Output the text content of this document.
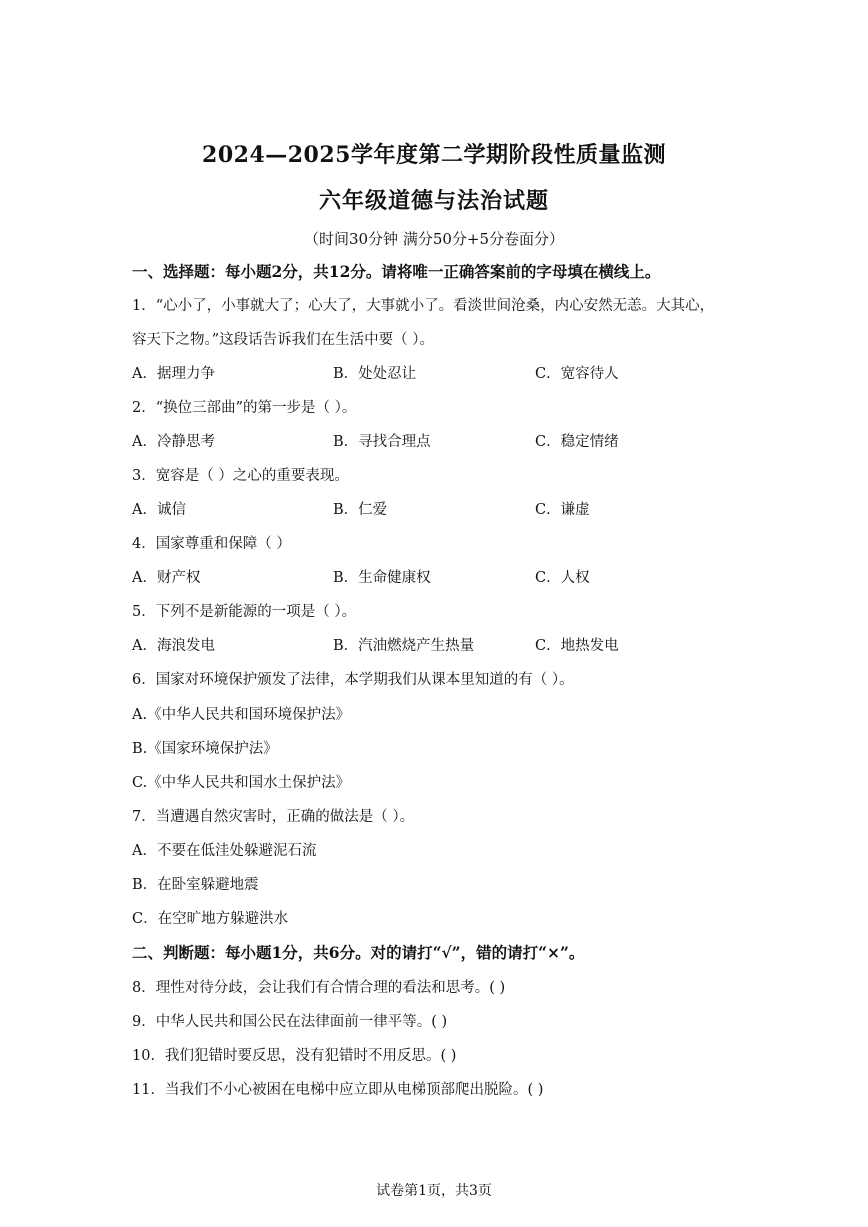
2024—2025学年度第二学期阶段性质量监测
六年级道德与法治试题
（时间30分钟 满分50分+5分卷面分）
一、选择题：每小题2分，共12分。请将唯一正确答案前的字母填在横线上。
1．“心小了，小事就大了；心大了，大事就小了。看淡世间沧桑，内心安然无恙。大其心，
容天下之物。”这段话告诉我们在生活中要（ ）。
A．据理力争	B．处处忍让	C．宽容待人
2．“换位三部曲”的第一步是（ ）。
A．冷静思考	B．寻找合理点	C．稳定情绪
3．宽容是（ ）之心的重要表现。
A．诚信	B．仁爱	C．谦虚
4．国家尊重和保障（ ）
A．财产权	B．生命健康权	C．人权
5．下列不是新能源的一项是（ ）。
A．海浪发电	B．汽油燃烧产生热量	C．地热发电
6．国家对环境保护颁发了法律，本学期我们从课本里知道的有（ ）。
A.《中华人民共和国环境保护法》
B.《国家环境保护法》
C.《中华人民共和国水土保护法》
7．当遭遇自然灾害时，正确的做法是（ ）。
A．不要在低洼处躲避泥石流
B．在卧室躲避地震
C．在空旷地方躲避洪水
二、判断题：每小题1分，共6分。对的请打“√”，错的请打“×”。
8．理性对待分歧，会让我们有合情合理的看法和思考。( )
9．中华人民共和国公民在法律面前一律平等。( )
10．我们犯错时要反思，没有犯错时不用反思。( )
11．当我们不小心被困在电梯中应立即从电梯顶部爬出脱险。( )
试卷第1页，共3页
